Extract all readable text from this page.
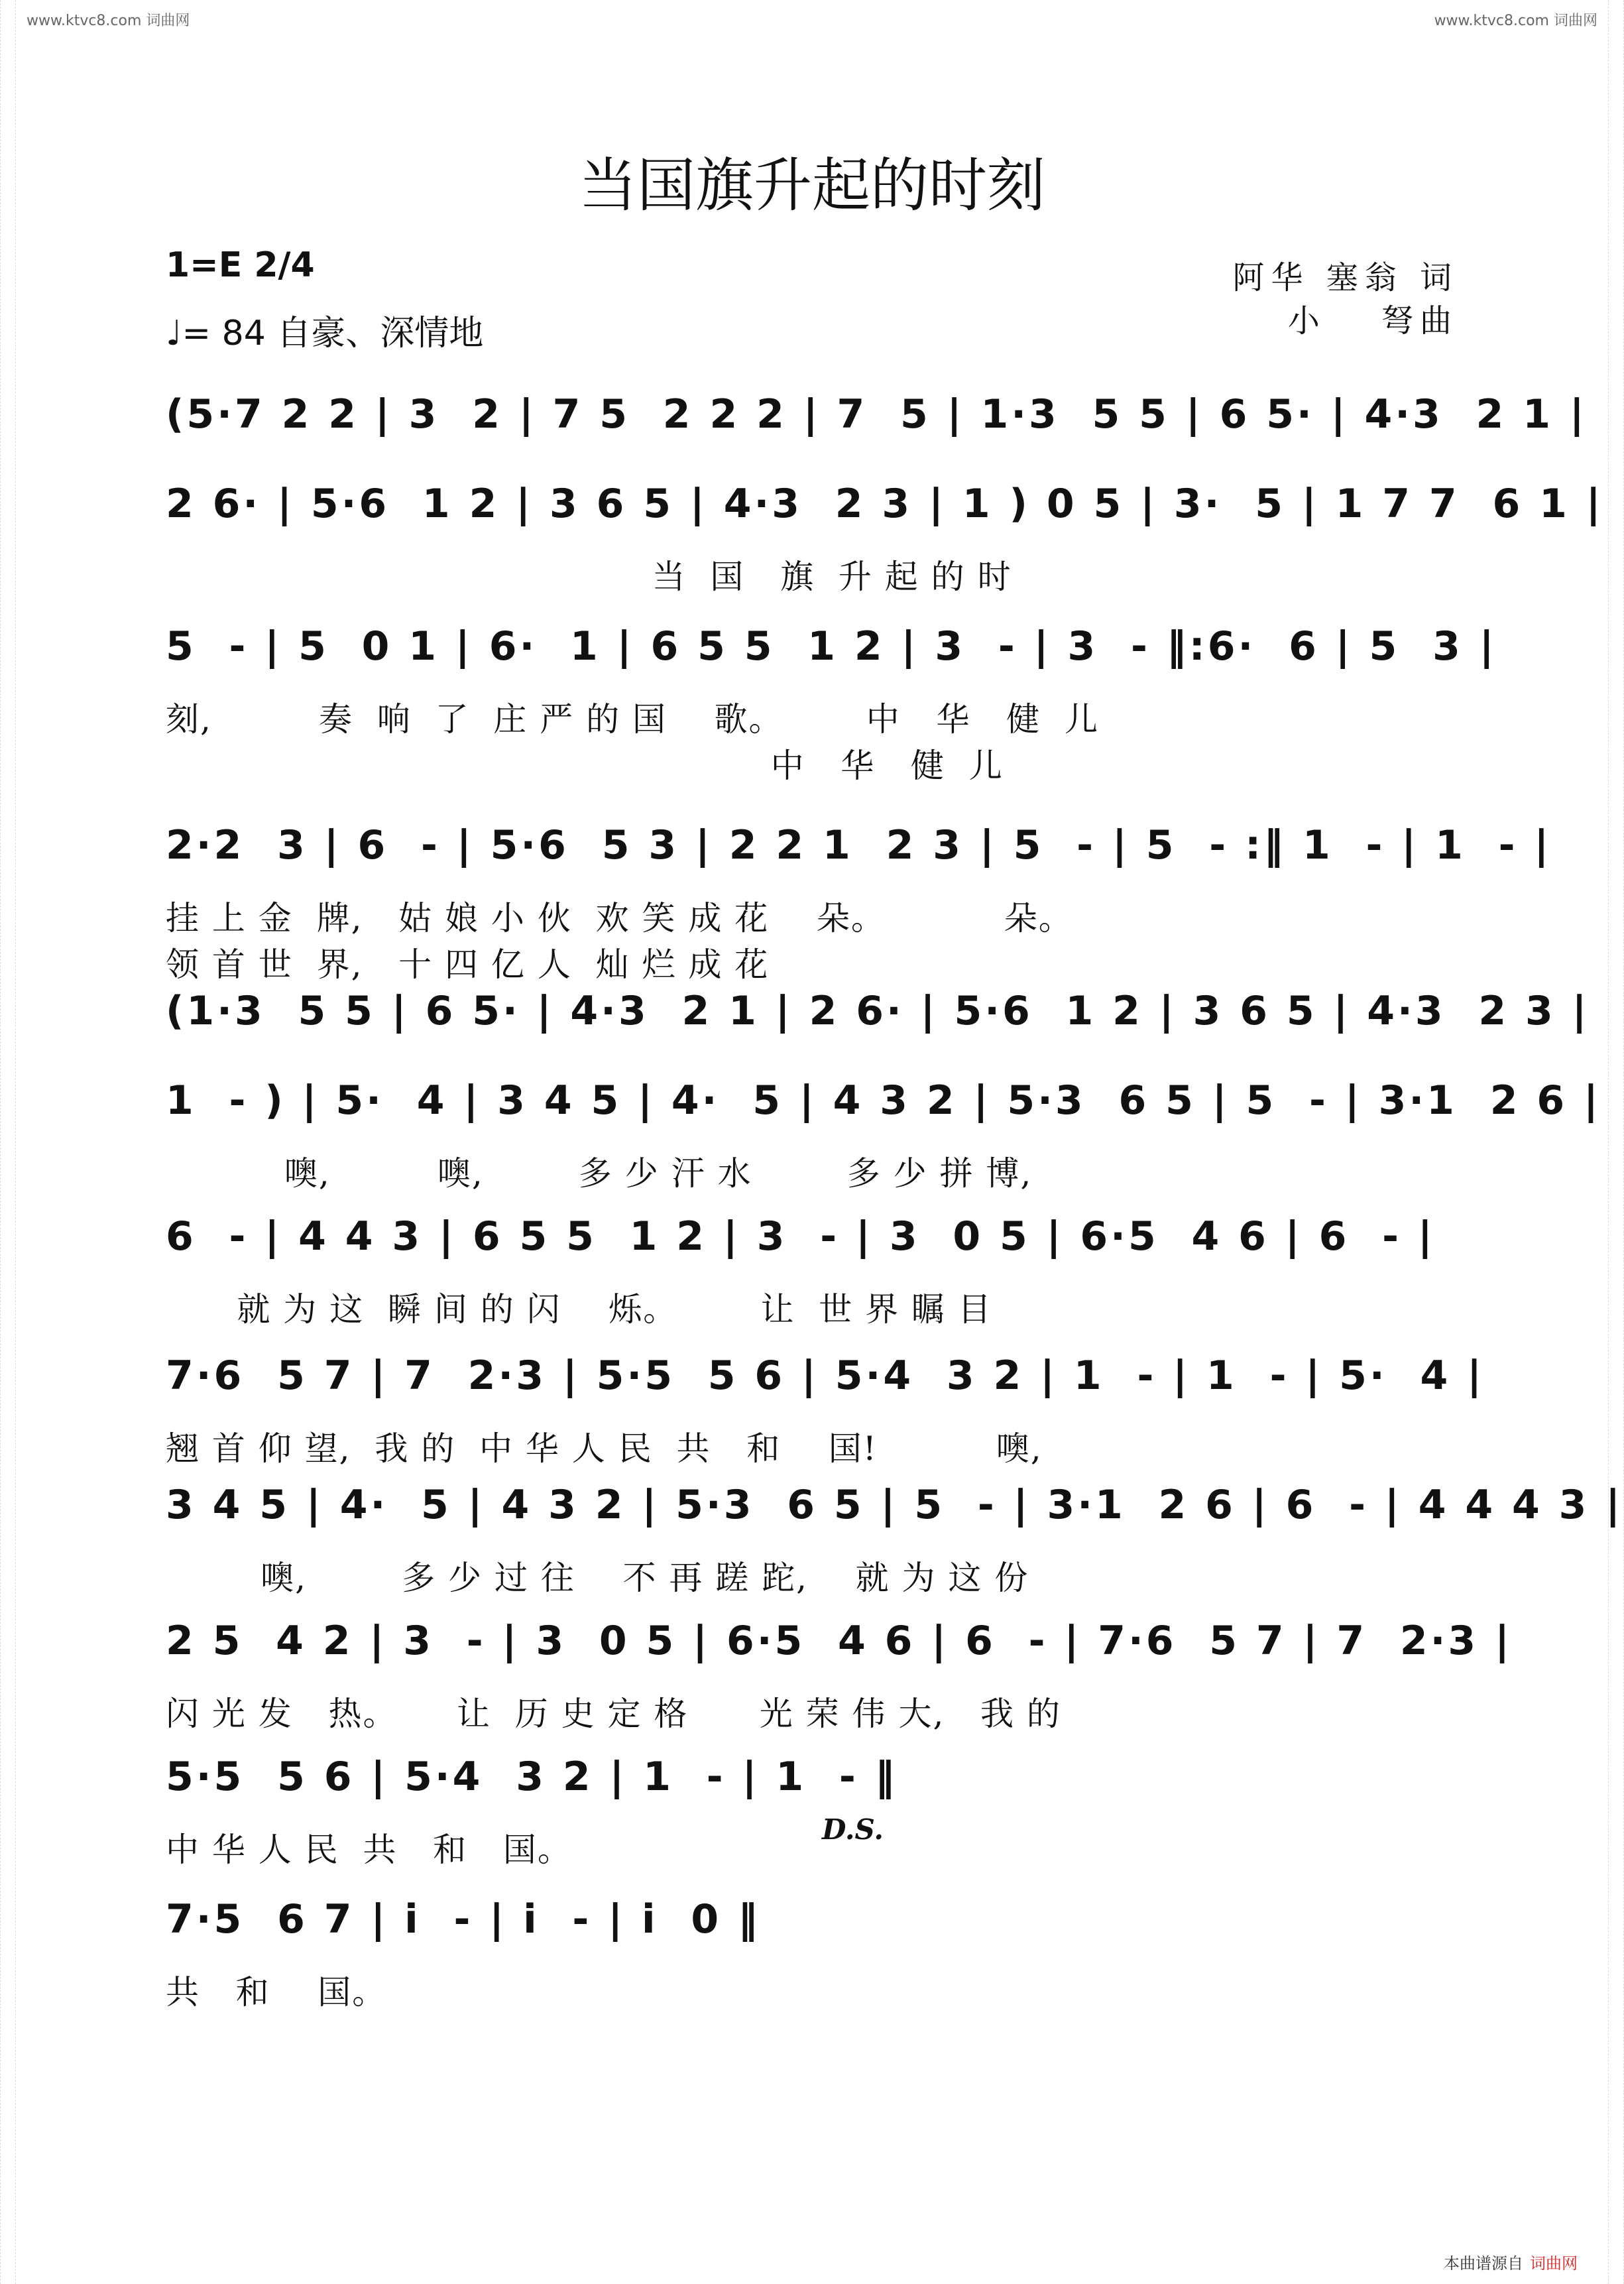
www.ktvc8.com 词曲网	www.ktvc8.com 词曲网
当国旗升起的时刻
1=E 2/4
♩= 84 自豪、深情地
阿华 塞翁 词
小　 弩曲
(5·7 2 2 | 3  2 | 7 5  2 2 2 | 7  5 | 1·3  5 5 | 6 5· | 4·3  2 1 |
2 6· | 5·6  1 2 | 3 6 5 | 4·3  2 3 | 1 ) 0 5 | 3·  5 | 1 7 7  6 1 |
当  国   旗  升 起 的 时
5  - | 5  0 1 | 6·  1 | 6 5 5  1 2 | 3  - | 3  - ‖:6·  6 | 5  3 |
刻,         奏  响  了  庄 严 的 国    歌。       中   华   健  儿
中   华   健  儿
2·2  3 | 6  - | 5·6  5 3 | 2 2 1  2 3 | 5  - | 5  - :‖ 1  - | 1  - |
挂 上 金  牌,   姑 娘 小 伙  欢 笑 成 花    朵。          朵。
领 首 世  界,   十 四 亿 人  灿 烂 成 花
(1·3  5 5 | 6 5· | 4·3  2 1 | 2 6· | 5·6  1 2 | 3 6 5 | 4·3  2 3 |
1  - ) | 5·  4 | 3 4 5 | 4·  5 | 4 3 2 | 5·3  6 5 | 5  - | 3·1  2 6 |
噢,         噢,        多 少 汗 水        多 少 拼 博,
6  - | 4 4 3 | 6 5 5  1 2 | 3  - | 3  0 5 | 6·5  4 6 | 6  - |
就 为 这  瞬 间 的 闪    烁。       让  世 界 瞩 目
7·6  5 7 | 7  2·3 | 5·5  5 6 | 5·4  3 2 | 1  - | 1  - | 5·  4 |
翘 首 仰 望,  我 的  中 华 人 民  共   和    国!          噢,
3 4 5 | 4·  5 | 4 3 2 | 5·3  6 5 | 5  - | 3·1  2 6 | 6  - | 4 4 4 3 |
噢,        多 少 过 往    不 再 蹉 跎,    就 为 这 份
2 5  4 2 | 3  - | 3  0 5 | 6·5  4 6 | 6  - | 7·6  5 7 | 7  2·3 |
闪 光 发   热。     让  历 史 定 格      光 荣 伟 大,   我 的
5·5  5 6 | 5·4  3 2 | 1  - | 1  - ‖
中 华 人 民  共   和   国。
D.S.
7·5  6 7 | i  - | i  - | i  0 ‖
共   和    国。
本曲谱源自 词曲网
